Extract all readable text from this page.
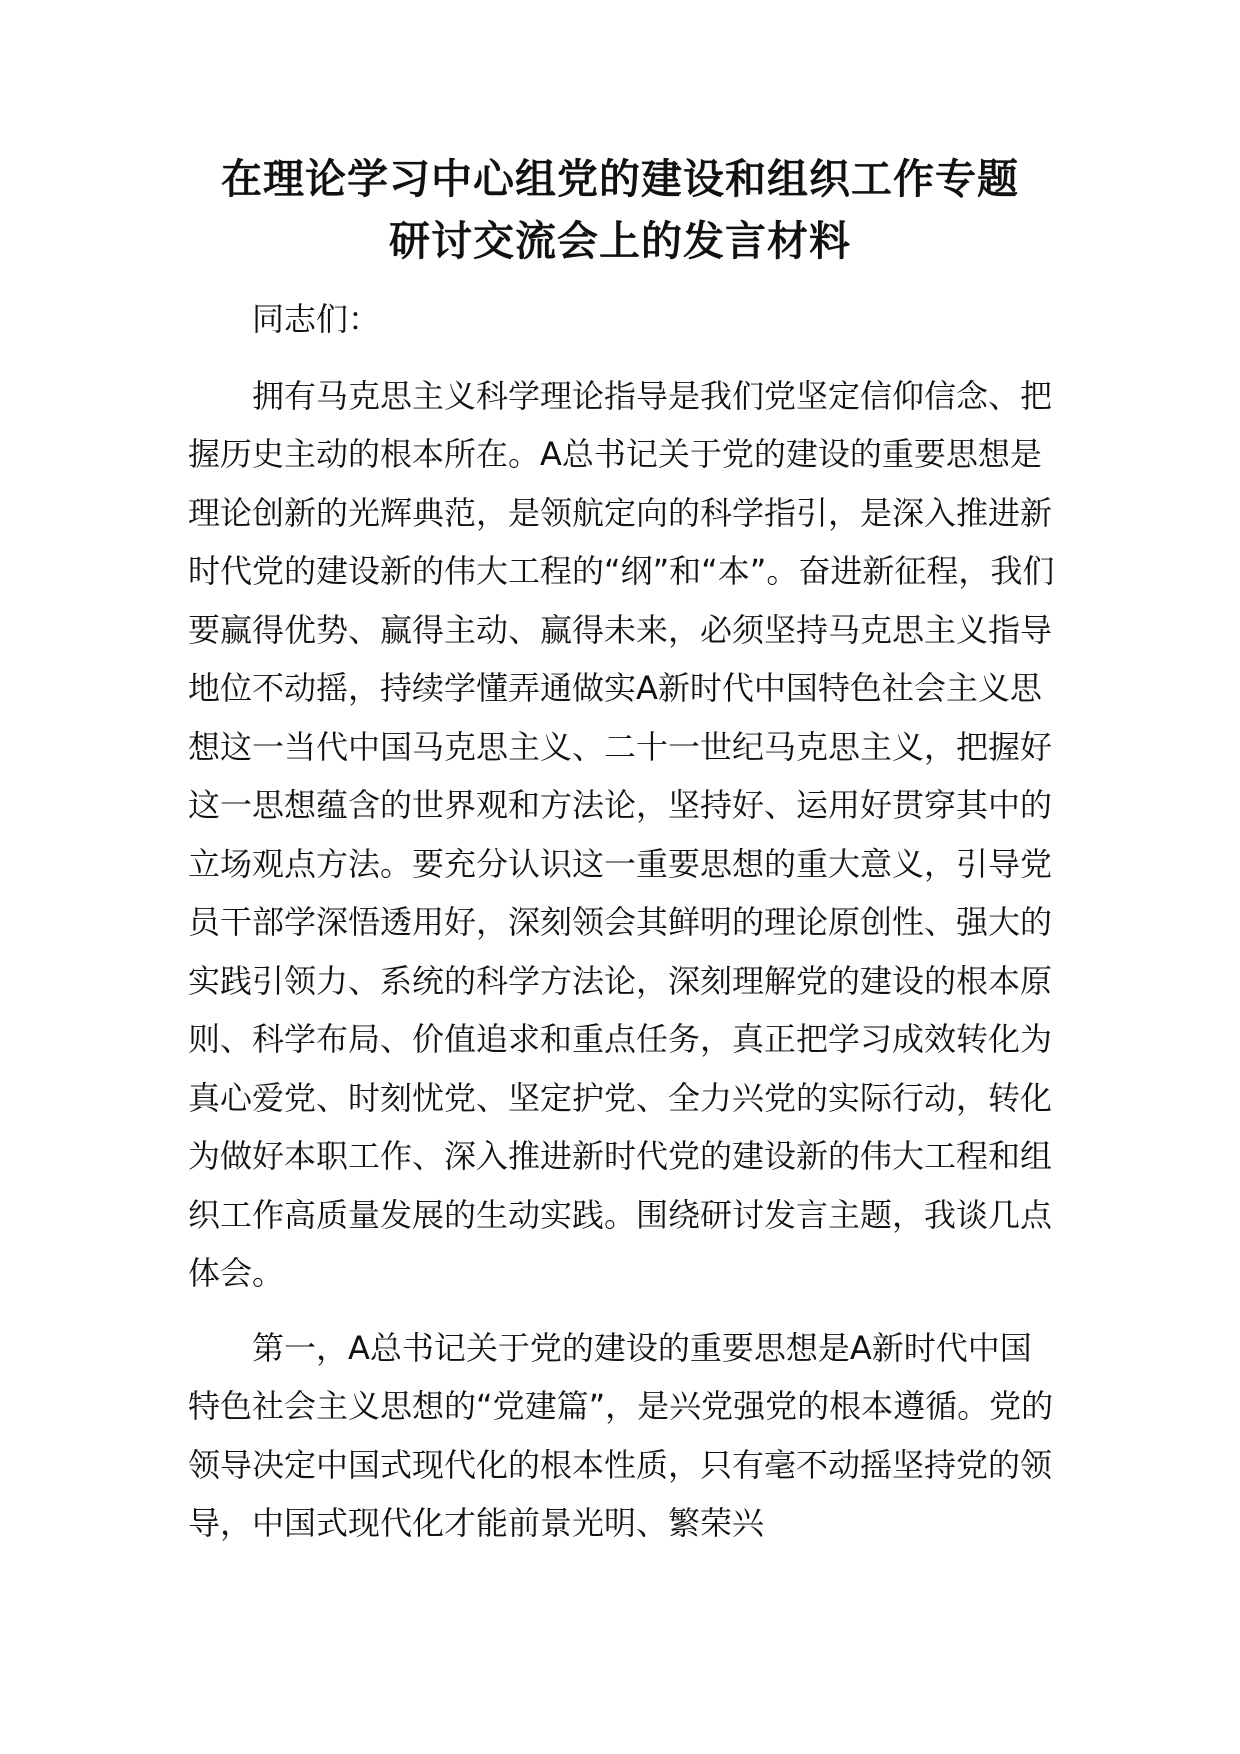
在理论学习中心组党的建设和组织工作专题
研讨交流会上的发言材料

同志们：

拥有马克思主义科学理论指导是我们党坚定信仰信念、把握历史主动的根本所在。A总书记关于党的建设的重要思想是理论创新的光辉典范，是领航定向的科学指引，是深入推进新时代党的建设新的伟大工程的“纲”和“本”。奋进新征程，我们要赢得优势、赢得主动、赢得未来，必须坚持马克思主义指导地位不动摇，持续学懂弄通做实A新时代中国特色社会主义思想这一当代中国马克思主义、二十一世纪马克思主义，把握好这一思想蕴含的世界观和方法论，坚持好、运用好贯穿其中的立场观点方法。要充分认识这一重要思想的重大意义，引导党员干部学深悟透用好，深刻领会其鲜明的理论原创性、强大的实践引领力、系统的科学方法论，深刻理解党的建设的根本原则、科学布局、价值追求和重点任务，真正把学习成效转化为真心爱党、时刻忧党、坚定护党、全力兴党的实际行动，转化为做好本职工作、深入推进新时代党的建设新的伟大工程和组织工作高质量发展的生动实践。围绕研讨发言主题，我谈几点体会。

第一，A总书记关于党的建设的重要思想是A新时代中国特色社会主义思想的“党建篇”，是兴党强党的根本遵循。党的领导决定中国式现代化的根本性质，只有毫不动摇坚持党的领导，中国式现代化才能前景光明、繁荣兴
